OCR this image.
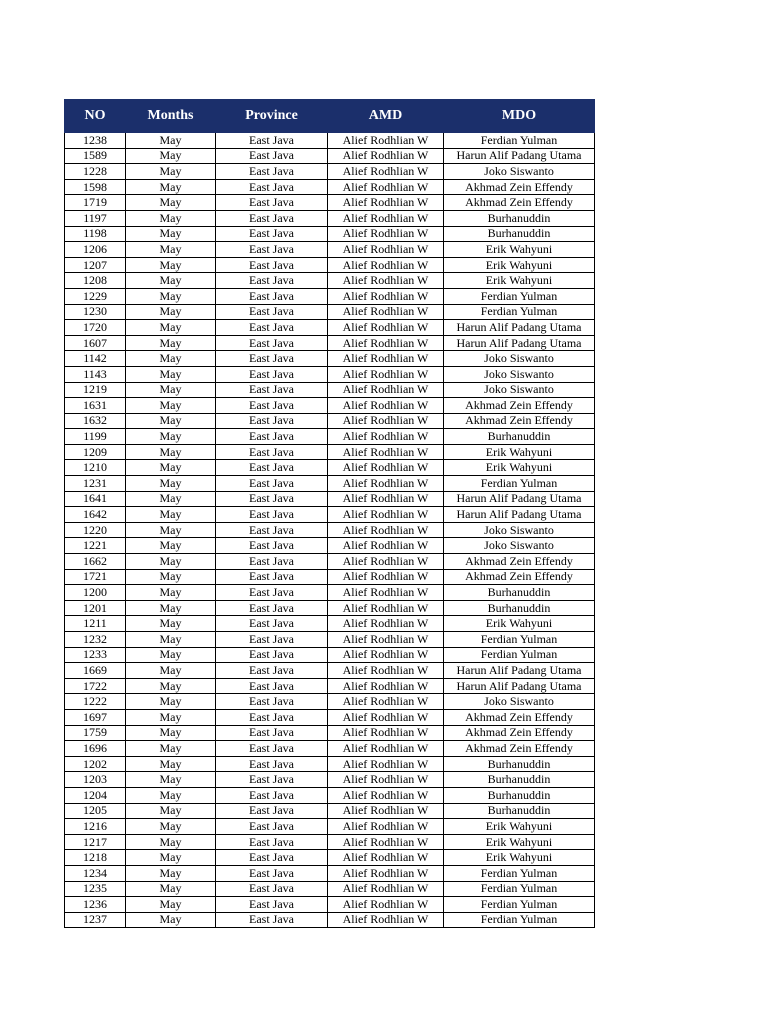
NO	Months	Province	AMD	MDO
1238	May	East Java	Alief Rodhlian W	Ferdian Yulman
1589	May	East Java	Alief Rodhlian W	Harun Alif Padang Utama
1228	May	East Java	Alief Rodhlian W	Joko Siswanto
1598	May	East Java	Alief Rodhlian W	Akhmad Zein Effendy
1719	May	East Java	Alief Rodhlian W	Akhmad Zein Effendy
1197	May	East Java	Alief Rodhlian W	Burhanuddin
1198	May	East Java	Alief Rodhlian W	Burhanuddin
1206	May	East Java	Alief Rodhlian W	Erik Wahyuni
1207	May	East Java	Alief Rodhlian W	Erik Wahyuni
1208	May	East Java	Alief Rodhlian W	Erik Wahyuni
1229	May	East Java	Alief Rodhlian W	Ferdian Yulman
1230	May	East Java	Alief Rodhlian W	Ferdian Yulman
1720	May	East Java	Alief Rodhlian W	Harun Alif Padang Utama
1607	May	East Java	Alief Rodhlian W	Harun Alif Padang Utama
1142	May	East Java	Alief Rodhlian W	Joko Siswanto
1143	May	East Java	Alief Rodhlian W	Joko Siswanto
1219	May	East Java	Alief Rodhlian W	Joko Siswanto
1631	May	East Java	Alief Rodhlian W	Akhmad Zein Effendy
1632	May	East Java	Alief Rodhlian W	Akhmad Zein Effendy
1199	May	East Java	Alief Rodhlian W	Burhanuddin
1209	May	East Java	Alief Rodhlian W	Erik Wahyuni
1210	May	East Java	Alief Rodhlian W	Erik Wahyuni
1231	May	East Java	Alief Rodhlian W	Ferdian Yulman
1641	May	East Java	Alief Rodhlian W	Harun Alif Padang Utama
1642	May	East Java	Alief Rodhlian W	Harun Alif Padang Utama
1220	May	East Java	Alief Rodhlian W	Joko Siswanto
1221	May	East Java	Alief Rodhlian W	Joko Siswanto
1662	May	East Java	Alief Rodhlian W	Akhmad Zein Effendy
1721	May	East Java	Alief Rodhlian W	Akhmad Zein Effendy
1200	May	East Java	Alief Rodhlian W	Burhanuddin
1201	May	East Java	Alief Rodhlian W	Burhanuddin
1211	May	East Java	Alief Rodhlian W	Erik Wahyuni
1232	May	East Java	Alief Rodhlian W	Ferdian Yulman
1233	May	East Java	Alief Rodhlian W	Ferdian Yulman
1669	May	East Java	Alief Rodhlian W	Harun Alif Padang Utama
1722	May	East Java	Alief Rodhlian W	Harun Alif Padang Utama
1222	May	East Java	Alief Rodhlian W	Joko Siswanto
1697	May	East Java	Alief Rodhlian W	Akhmad Zein Effendy
1759	May	East Java	Alief Rodhlian W	Akhmad Zein Effendy
1696	May	East Java	Alief Rodhlian W	Akhmad Zein Effendy
1202	May	East Java	Alief Rodhlian W	Burhanuddin
1203	May	East Java	Alief Rodhlian W	Burhanuddin
1204	May	East Java	Alief Rodhlian W	Burhanuddin
1205	May	East Java	Alief Rodhlian W	Burhanuddin
1216	May	East Java	Alief Rodhlian W	Erik Wahyuni
1217	May	East Java	Alief Rodhlian W	Erik Wahyuni
1218	May	East Java	Alief Rodhlian W	Erik Wahyuni
1234	May	East Java	Alief Rodhlian W	Ferdian Yulman
1235	May	East Java	Alief Rodhlian W	Ferdian Yulman
1236	May	East Java	Alief Rodhlian W	Ferdian Yulman
1237	May	East Java	Alief Rodhlian W	Ferdian Yulman
